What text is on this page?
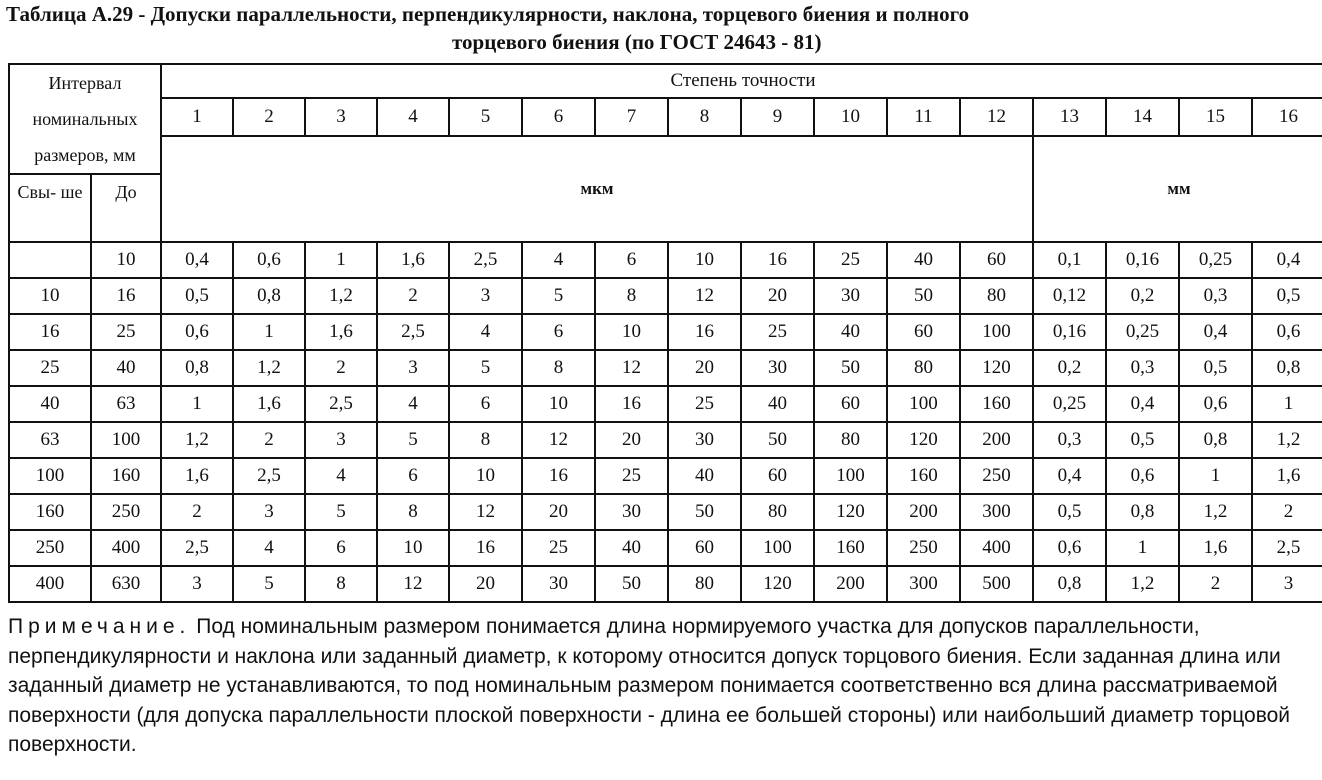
Таблица А.29 - Допуски параллельности, перпендикулярности, наклона, торцевого биения и полного
торцевого биения (по ГОСТ 24643 - 81)
Интервал номинальных размеров, мм		Степень точности															
		1	2	3	4	5	6	7	8	9	10	11	12	13	14	15	16
		мкм												мм			
Свы- ше	До																
	10	0,4	0,6	1	1,6	2,5	4	6	10	16	25	40	60	0,1	0,16	0,25	0,4
10	16	0,5	0,8	1,2	2	3	5	8	12	20	30	50	80	0,12	0,2	0,3	0,5
16	25	0,6	1	1,6	2,5	4	6	10	16	25	40	60	100	0,16	0,25	0,4	0,6
25	40	0,8	1,2	2	3	5	8	12	20	30	50	80	120	0,2	0,3	0,5	0,8
40	63	1	1,6	2,5	4	6	10	16	25	40	60	100	160	0,25	0,4	0,6	1
63	100	1,2	2	3	5	8	12	20	30	50	80	120	200	0,3	0,5	0,8	1,2
100	160	1,6	2,5	4	6	10	16	25	40	60	100	160	250	0,4	0,6	1	1,6
160	250	2	3	5	8	12	20	30	50	80	120	200	300	0,5	0,8	1,2	2
250	400	2,5	4	6	10	16	25	40	60	100	160	250	400	0,6	1	1,6	2,5
400	630	3	5	8	12	20	30	50	80	120	200	300	500	0,8	1,2	2	3
Примечание. Под номинальным размером понимается длина нормируемого участка для допусков параллельности, перпендикулярности и наклона или заданный диаметр, к которому относится допуск торцового биения. Если заданная длина или заданный диаметр не устанавливаются, то под номинальным размером понимается соответственно вся длина рассматриваемой поверхности (для допуска параллельности плоской поверхности - длина ее большей стороны) или наибольший диаметр торцовой поверхности.
